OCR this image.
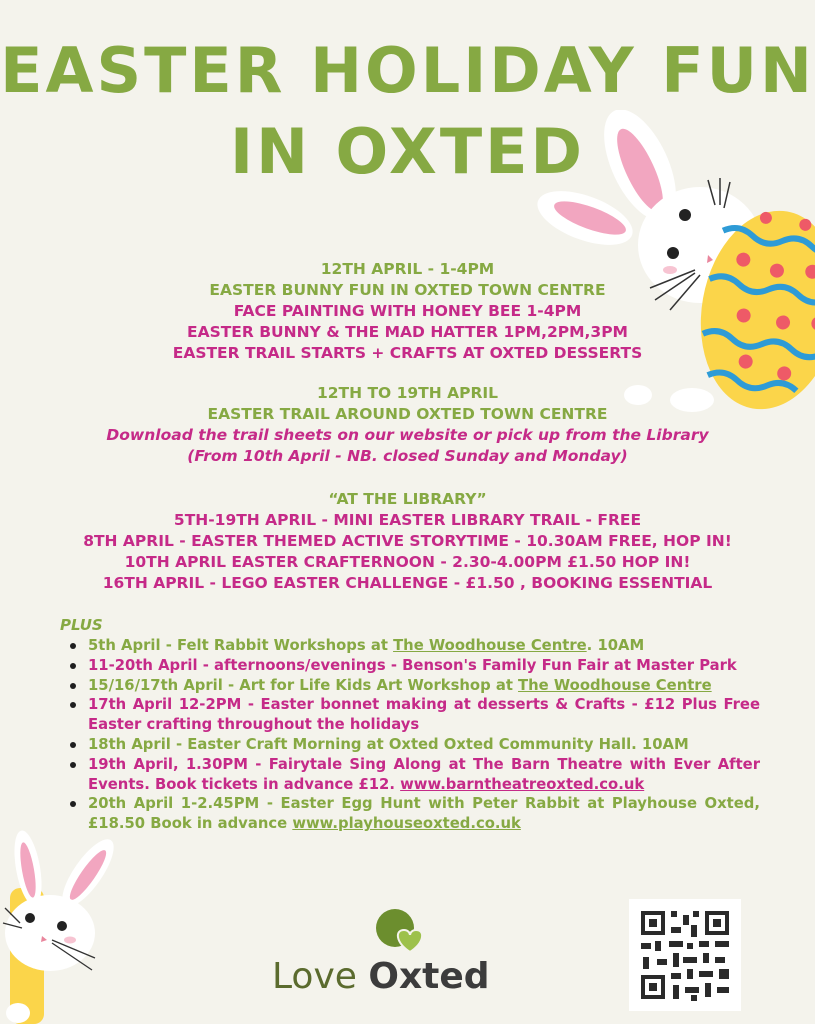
EASTER HOLIDAY FUN
IN OXTED
12TH APRIL - 1-4PM
EASTER BUNNY FUN IN OXTED TOWN CENTRE
FACE PAINTING WITH HONEY BEE 1-4PM
EASTER BUNNY & THE MAD HATTER 1PM,2PM,3PM
EASTER TRAIL STARTS + CRAFTS AT OXTED DESSERTS
12TH TO 19TH APRIL
EASTER TRAIL AROUND OXTED TOWN CENTRE
Download the trail sheets on our website or pick up from the Library
(From 10th April - NB. closed Sunday and Monday)
“AT THE LIBRARY”
5TH-19TH APRIL - MINI EASTER LIBRARY TRAIL - FREE
8TH APRIL - EASTER THEMED ACTIVE STORYTIME - 10.30AM FREE, HOP IN!
10TH APRIL EASTER CRAFTERNOON - 2.30-4.00PM £1.50 HOP IN!
16TH APRIL - LEGO EASTER CHALLENGE - £1.50 , BOOKING ESSENTIAL
PLUS
5th April - Felt Rabbit Workshops at The Woodhouse Centre. 10AM
11-20th April - afternoons/evenings - Benson's Family Fun Fair at Master Park
15/16/17th April - Art for Life Kids Art Workshop at The Woodhouse Centre
17th April 12-2PM - Easter bonnet making at desserts & Crafts - £12 Plus Free Easter crafting throughout the holidays
18th April - Easter Craft Morning at Oxted Oxted Community Hall. 10AM
19th April, 1.30PM - Fairytale Sing Along at The Barn Theatre with Ever After Events. Book tickets in advance £12. www.barntheatreoxted.co.uk
20th April 1-2.45PM - Easter Egg Hunt with Peter Rabbit at Playhouse Oxted, £18.50 Book in advance www.playhouseoxted.co.uk
Love Oxted
